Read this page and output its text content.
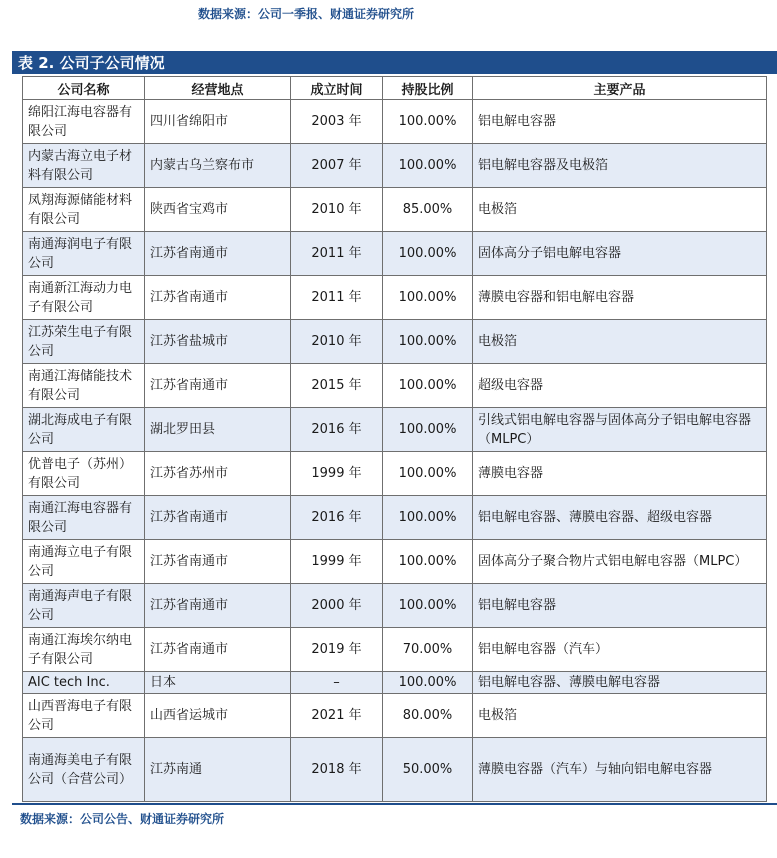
数据来源：公司一季报、财通证券研究所
表 2. 公司子公司情况
公司名称	经营地点	成立时间	持股比例	主要产品
绵阳江海电容器有限公司	四川省绵阳市	2003 年	100.00%	铝电解电容器
内蒙古海立电子材料有限公司	内蒙古乌兰察布市	2007 年	100.00%	铝电解电容器及电极箔
凤翔海源储能材料有限公司	陕西省宝鸡市	2010 年	85.00%	电极箔
南通海润电子有限公司	江苏省南通市	2011 年	100.00%	固体高分子铝电解电容器
南通新江海动力电子有限公司	江苏省南通市	2011 年	100.00%	薄膜电容器和铝电解电容器
江苏荣生电子有限公司	江苏省盐城市	2010 年	100.00%	电极箔
南通江海储能技术有限公司	江苏省南通市	2015 年	100.00%	超级电容器
湖北海成电子有限公司	湖北罗田县	2016 年	100.00%	引线式铝电解电容器与固体高分子铝电解电容器（MLPC）
优普电子（苏州）有限公司	江苏省苏州市	1999 年	100.00%	薄膜电容器
南通江海电容器有限公司	江苏省南通市	2016 年	100.00%	铝电解电容器、薄膜电容器、超级电容器
南通海立电子有限公司	江苏省南通市	1999 年	100.00%	固体高分子聚合物片式铝电解电容器（MLPC）
南通海声电子有限公司	江苏省南通市	2000 年	100.00%	铝电解电容器
南通江海埃尔纳电子有限公司	江苏省南通市	2019 年	70.00%	铝电解电容器（汽车）
AIC tech Inc.	日本	–	100.00%	铝电解电容器、薄膜电解电容器
山西晋海电子有限公司	山西省运城市	2021 年	80.00%	电极箔
南通海美电子有限公司（合营公司）	江苏南通	2018 年	50.00%	薄膜电容器（汽车）与轴向铝电解电容器
数据来源：公司公告、财通证券研究所
